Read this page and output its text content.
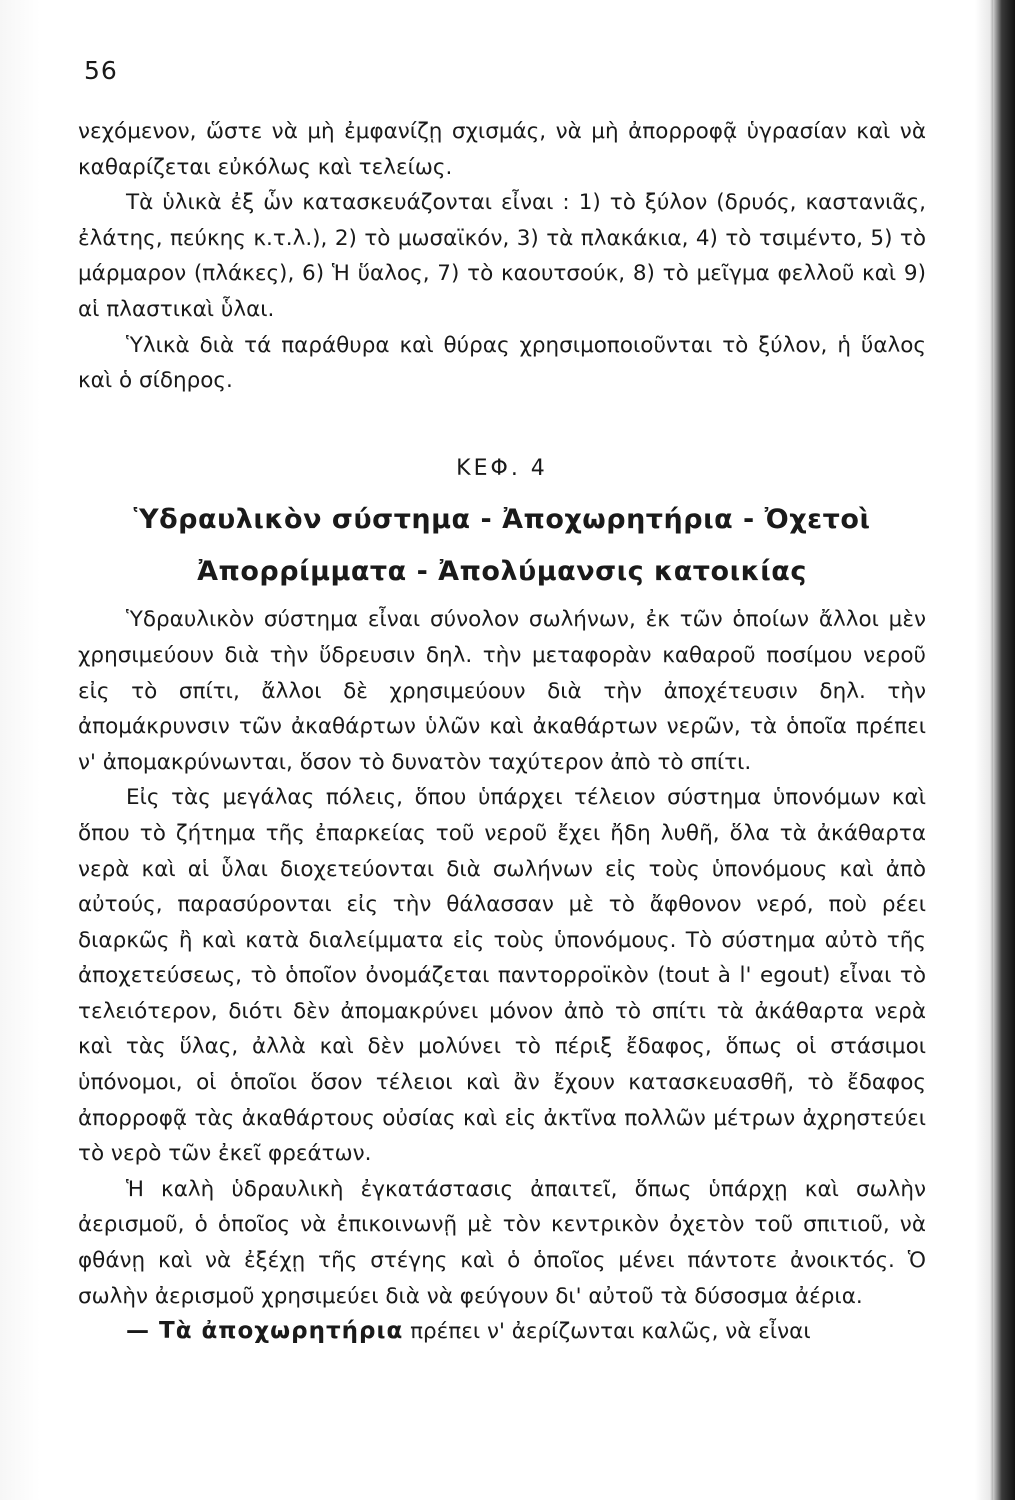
56

νεχόμενον, ὥστε νὰ μὴ ἐμφανίζῃ σχισμάς, νὰ μὴ ἀπορροφᾷ ὑγρασίαν καὶ νὰ καθαρίζεται εὐκόλως καὶ τελείως.

Τὰ ὑλικὰ ἐξ ὧν κατασκευάζονται εἶναι : 1) τὸ ξύλον (δρυός, καστανιᾶς, ἐλάτης, πεύκης κ.τ.λ.), 2) τὸ μωσαϊκόν, 3) τὰ πλακάκια, 4) τὸ τσιμέντο, 5) τὸ μάρμαρον (πλάκες), 6) Ἡ ὕαλος, 7) τὸ καουτσούκ, 8) τὸ μεῖγμα φελλοῦ καὶ 9) αἱ πλαστικαὶ ὗλαι.

Ὑλικὰ διὰ τά παράθυρα καὶ θύρας χρησιμοποιοῦνται τὸ ξύλον, ἡ ὕαλος καὶ ὁ σίδηρος.

ΚΕΦ. 4
Ὑδραυλικὸν σύστημα - Ἀποχωρητήρια - Ὀχετοὶ
Ἀπορρίμματα - Ἀπολύμανσις κατοικίας

Ὑδραυλικὸν σύστημα εἶναι σύνολον σωλήνων, ἐκ τῶν ὁποίων ἄλλοι μὲν χρησιμεύουν διὰ τὴν ὕδρευσιν δηλ. τὴν μεταφορὰν καθαροῦ ποσίμου νεροῦ εἰς τὸ σπίτι, ἄλλοι δὲ χρησιμεύουν διὰ τὴν ἀποχέτευσιν δηλ. τὴν ἀπομάκρυνσιν τῶν ἀκαθάρτων ὑλῶν καὶ ἀκαθάρτων νερῶν, τὰ ὁποῖα πρέπει ν' ἀπομακρύνωνται, ὅσον τὸ δυνατὸν ταχύτερον ἀπὸ τὸ σπίτι.

Εἰς τὰς μεγάλας πόλεις, ὅπου ὑπάρχει τέλειον σύστημα ὑπονόμων καὶ ὅπου τὸ ζήτημα τῆς ἐπαρκείας τοῦ νεροῦ ἔχει ἤδη λυθῆ, ὅλα τὰ ἀκάθαρτα νερὰ καὶ αἱ ὗλαι διοχετεύονται διὰ σωλήνων εἰς τοὺς ὑπονόμους καὶ ἀπὸ αὐτούς, παρασύρονται εἰς τὴν θάλασσαν μὲ τὸ ἄφθονον νερό, ποὺ ρέει διαρκῶς ἢ καὶ κατὰ διαλείμματα εἰς τοὺς ὑπονόμους. Τὸ σύστημα αὐτὸ τῆς ἀποχετεύσεως, τὸ ὁποῖον ὀνομάζεται παντορροϊκὸν (tout à l' egout) εἶναι τὸ τελειότερον, διότι δὲν ἀπομακρύνει μόνον ἀπὸ τὸ σπίτι τὰ ἀκάθαρτα νερὰ καὶ τὰς ὕλας, ἀλλὰ καὶ δὲν μολύνει τὸ πέριξ ἔδαφος, ὅπως οἱ στάσιμοι ὑπόνομοι, οἱ ὁποῖοι ὅσον τέλειοι καὶ ἂν ἔχουν κατασκευασθῆ, τὸ ἔδαφος ἀπορροφᾷ τὰς ἀκαθάρτους οὐσίας καὶ εἰς ἀκτῖνα πολλῶν μέτρων ἀχρηστεύει τὸ νερὸ τῶν ἐκεῖ φρεάτων.

Ἡ καλὴ ὑδραυλικὴ ἐγκατάστασις ἀπαιτεῖ, ὅπως ὑπάρχῃ καὶ σωλὴν ἀερισμοῦ, ὁ ὁποῖος νὰ ἐπικοινωνῇ μὲ τὸν κεντρικὸν ὀχετὸν τοῦ σπιτιοῦ, νὰ φθάνῃ καὶ νὰ ἐξέχῃ τῆς στέγης καὶ ὁ ὁποῖος μένει πάντοτε ἀνοικτός. Ὁ σωλὴν ἀερισμοῦ χρησιμεύει διὰ νὰ φεύγουν δι' αὐτοῦ τὰ δύσοσμα ἀέρια.

— Τὰ ἀποχωρητήρια πρέπει ν' ἀερίζωνται καλῶς, νὰ εἶναι
